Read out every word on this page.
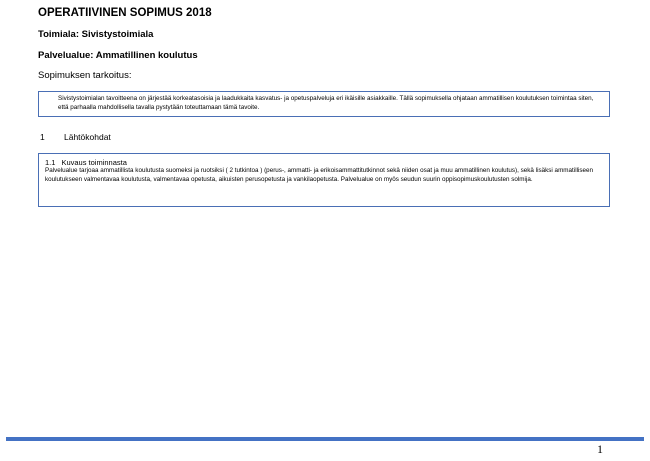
OPERATIIVINEN SOPIMUS 2018
Toimiala: Sivistystoimiala
Palvelualue: Ammatillinen koulutus
Sopimuksen tarkoitus:

Sivistystoimialan tavoitteena on järjestää korkeatasoisia ja laadukkaita kasvatus- ja opetuspalveluja eri ikäisille asiakkaille. Tällä sopimuksella ohjataan ammatillisen koulutuksen toimintaa siten, että parhaalla mahdollisella tavalla pystytään toteuttamaan tämä tavoite.

1 Lähtökohdat
1.1 Kuvaus toiminnasta

Palvelualue tarjoaa ammatillista koulutusta suomeksi ja ruotsiksi ( 2 tutkintoa ) (perus-, ammatti- ja erikoisammattitutkinnot sekä niiden osat ja muu ammatillinen koulutus), sekä lisäksi ammatilliseen koulutukseen valmentavaa koulutusta, valmentavaa opetusta, aikuisten perusopetusta ja vankilaopetusta. Palvelualue on myös seudun suurin oppisopimuskoulutusten solmija.

1
